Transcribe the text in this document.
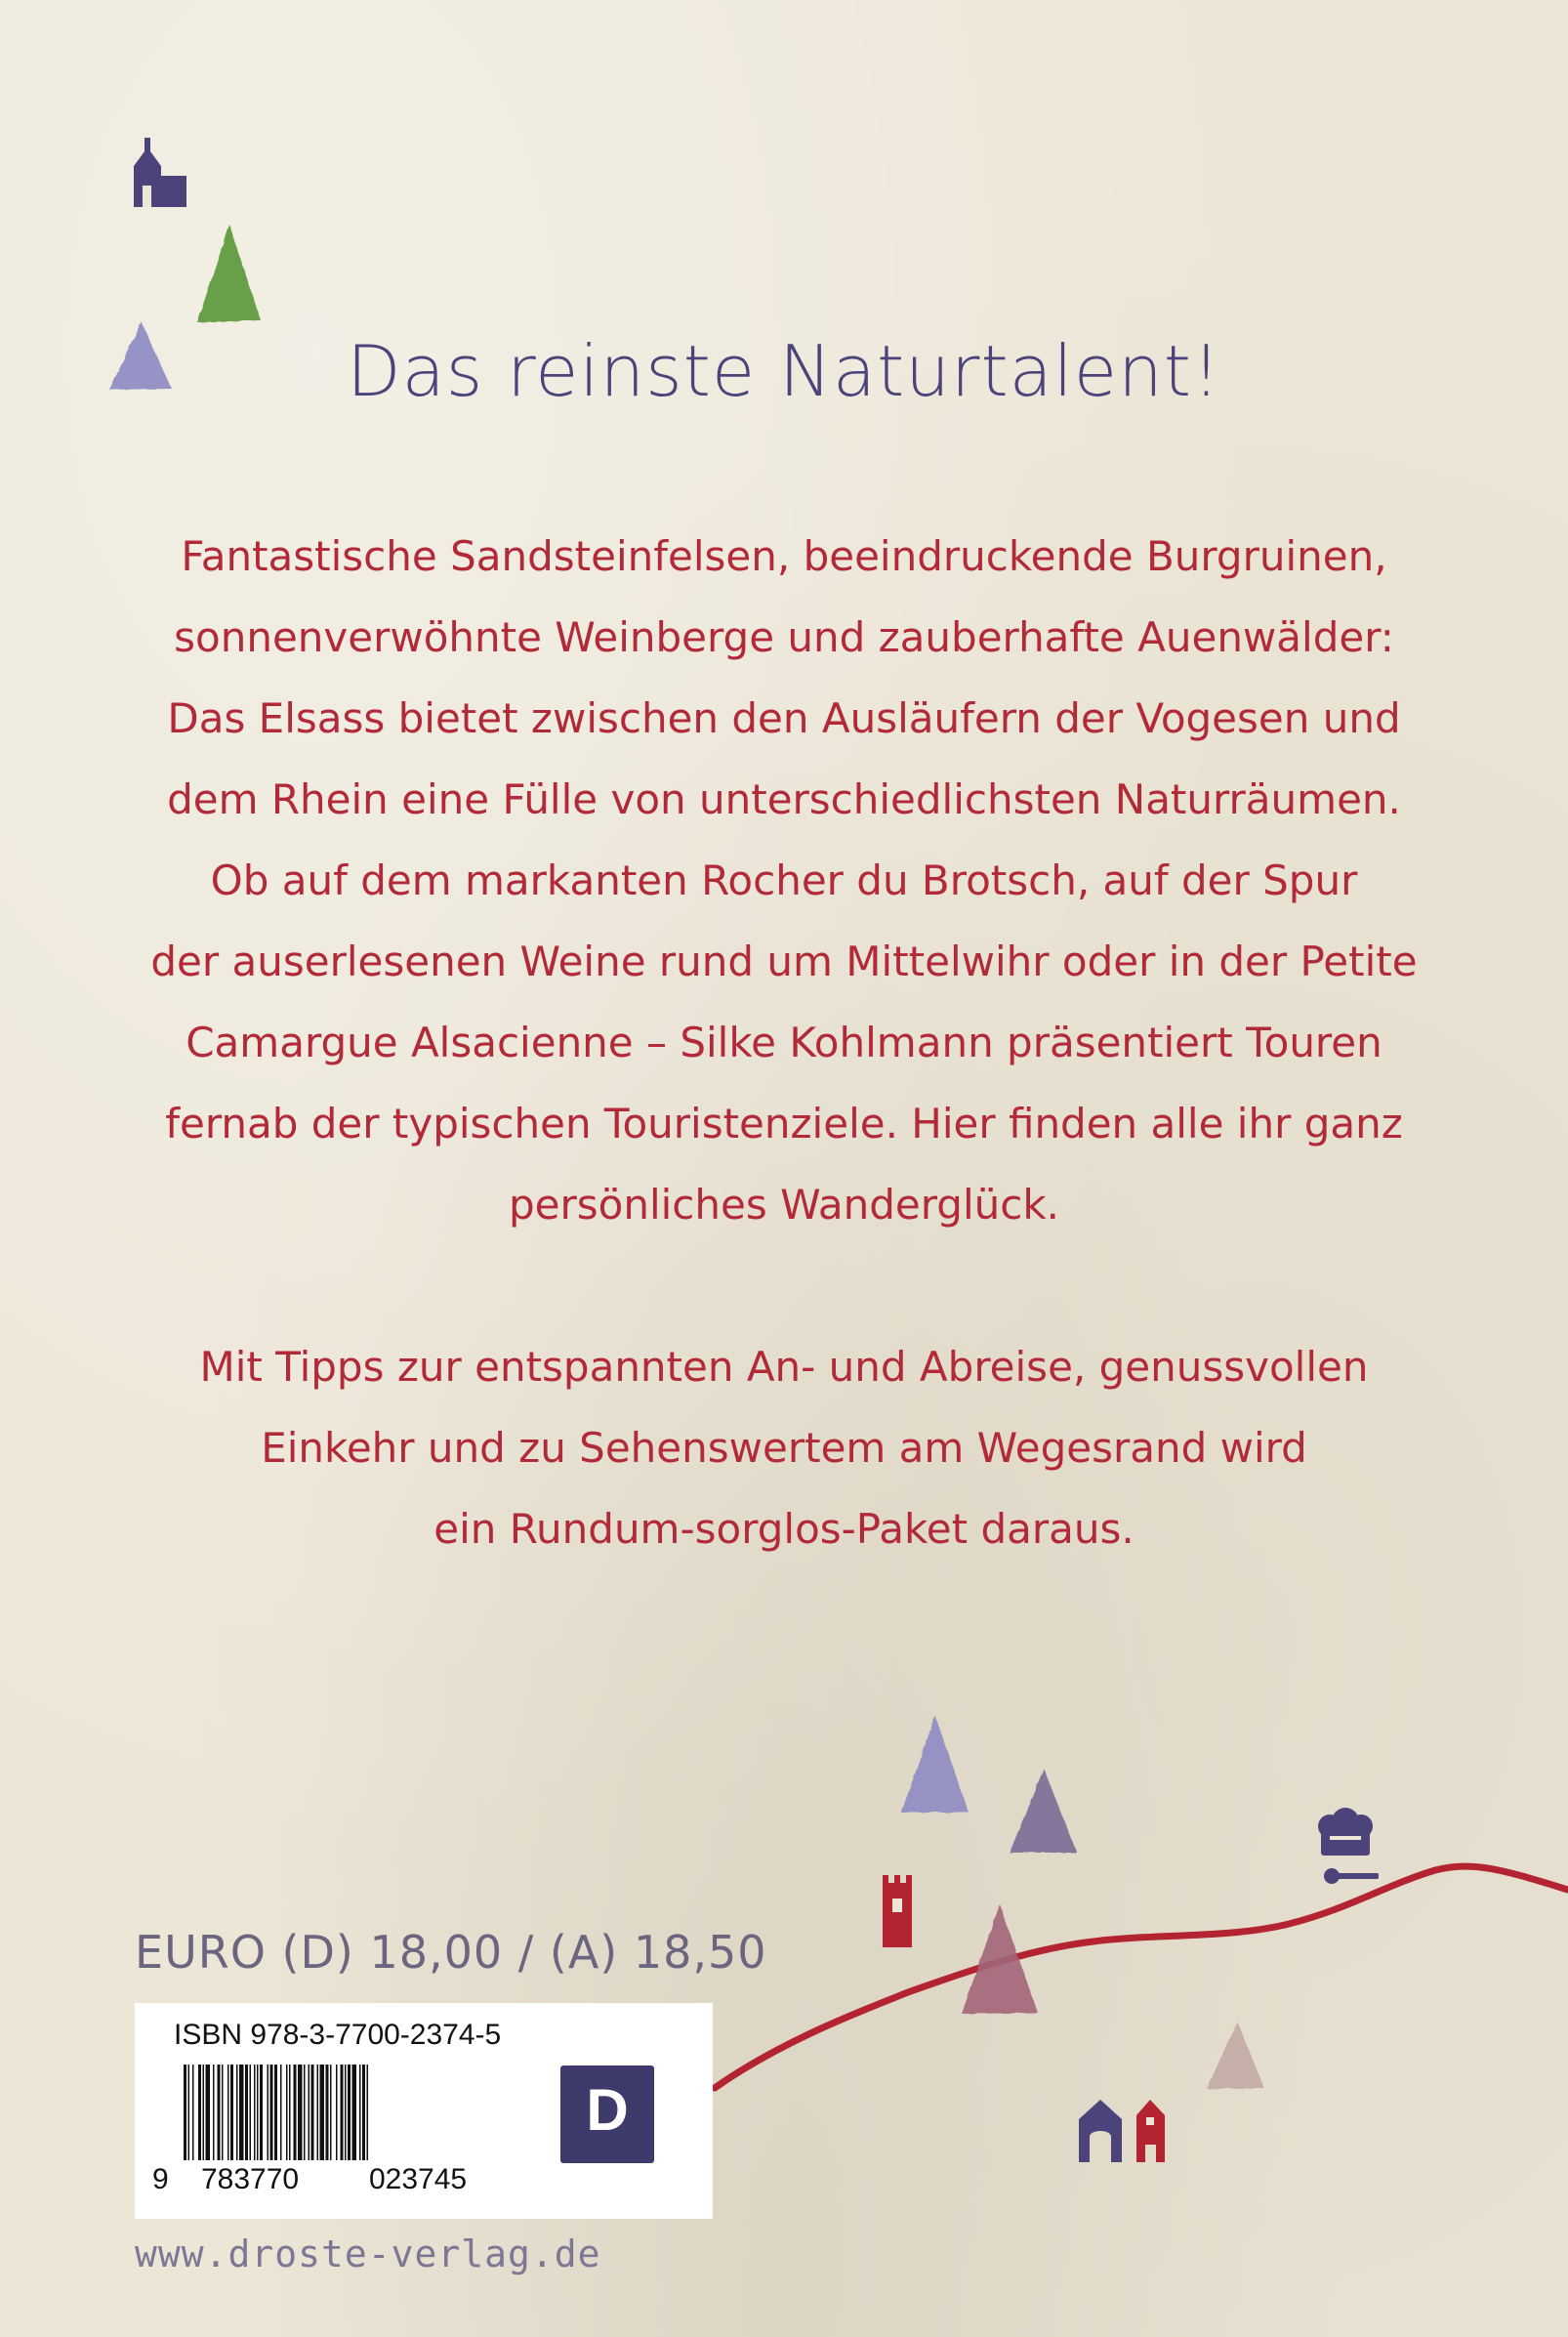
Das reinste Naturtalent!

Fantastische Sandsteinfelsen, beeindruckende Burgruinen,
sonnenverwöhnte Weinberge und zauberhafte Auenwälder:
Das Elsass bietet zwischen den Ausläufern der Vogesen und
dem Rhein eine Fülle von unterschiedlichsten Naturräumen.
Ob auf dem markanten Rocher du Brotsch, auf der Spur
der auserlesenen Weine rund um Mittelwihr oder in der Petite
Camargue Alsacienne – Silke Kohlmann präsentiert Touren
fernab der typischen Touristenziele. Hier finden alle ihr ganz
persönliches Wanderglück.

Mit Tipps zur entspannten An- und Abreise, genussvollen
Einkehr und zu Sehenswertem am Wegesrand wird
ein Rundum-sorglos-Paket daraus.

EURO (D) 18,00 / (A) 18,50

ISBN 978-3-7700-2374-5
9 783770 023745
D

www.droste-verlag.de
